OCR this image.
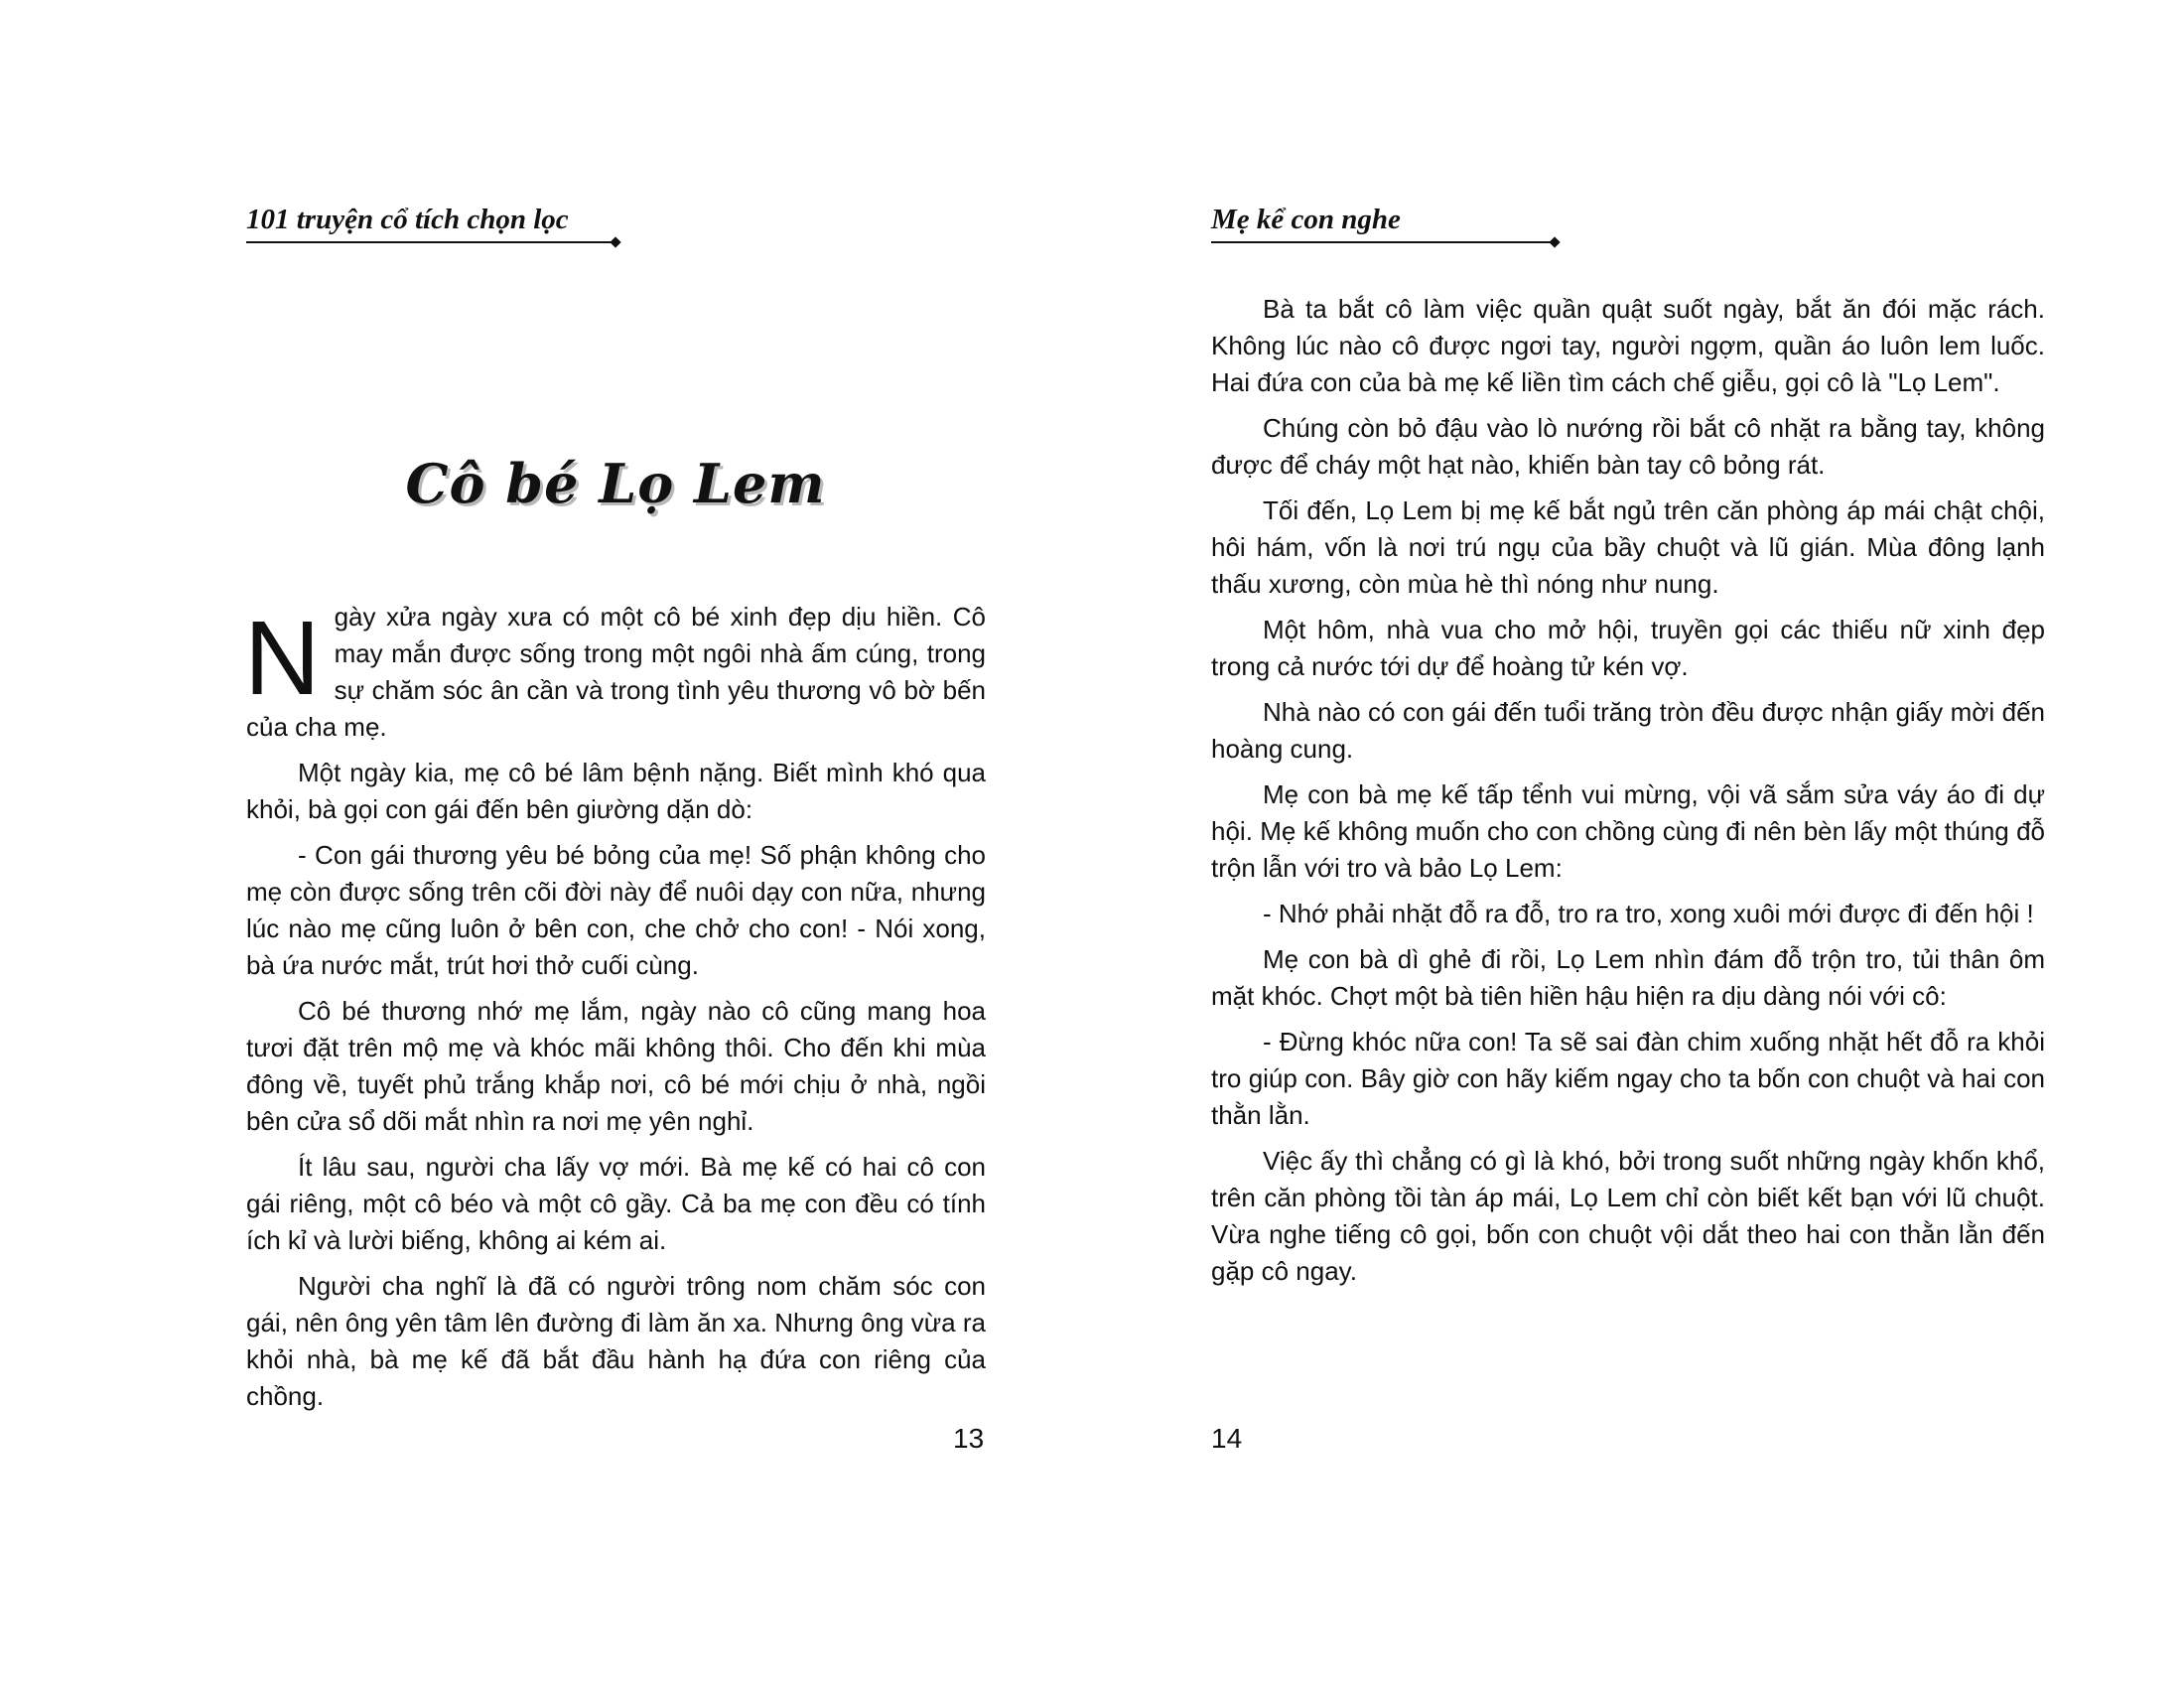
101 truyện cổ tích chọn lọc
Cô bé Lọ Lem

Ngày xửa ngày xưa có một cô bé xinh đẹp dịu hiền. Cô may mắn được sống trong một ngôi nhà ấm cúng, trong sự chăm sóc ân cần và trong tình yêu thương vô bờ bến của cha mẹ.

Một ngày kia, mẹ cô bé lâm bệnh nặng. Biết mình khó qua khỏi, bà gọi con gái đến bên giường dặn dò:

- Con gái thương yêu bé bỏng của mẹ! Số phận không cho mẹ còn được sống trên cõi đời này để nuôi dạy con nữa, nhưng lúc nào mẹ cũng luôn ở bên con, che chở cho con! - Nói xong, bà ứa nước mắt, trút hơi thở cuối cùng.

Cô bé thương nhớ mẹ lắm, ngày nào cô cũng mang hoa tươi đặt trên mộ mẹ và khóc mãi không thôi. Cho đến khi mùa đông về, tuyết phủ trắng khắp nơi, cô bé mới chịu ở nhà, ngồi bên cửa sổ dõi mắt nhìn ra nơi mẹ yên nghỉ.

Ít lâu sau, người cha lấy vợ mới. Bà mẹ kế có hai cô con gái riêng, một cô béo và một cô gầy. Cả ba mẹ con đều có tính ích kỉ và lười biếng, không ai kém ai.

Người cha nghĩ là đã có người trông nom chăm sóc con gái, nên ông yên tâm lên đường đi làm ăn xa. Nhưng ông vừa ra khỏi nhà, bà mẹ kế đã bắt đầu hành hạ đứa con riêng của chồng.

13
Mẹ kể con nghe

Bà ta bắt cô làm việc quần quật suốt ngày, bắt ăn đói mặc rách. Không lúc nào cô được ngơi tay, người ngợm, quần áo luôn lem luốc. Hai đứa con của bà mẹ kế liền tìm cách chế giễu, gọi cô là "Lọ Lem".

Chúng còn bỏ đậu vào lò nướng rồi bắt cô nhặt ra bằng tay, không được để cháy một hạt nào, khiến bàn tay cô bỏng rát.

Tối đến, Lọ Lem bị mẹ kế bắt ngủ trên căn phòng áp mái chật chội, hôi hám, vốn là nơi trú ngụ của bầy chuột và lũ gián. Mùa đông lạnh thấu xương, còn mùa hè thì nóng như nung.

Một hôm, nhà vua cho mở hội, truyền gọi các thiếu nữ xinh đẹp trong cả nước tới dự để hoàng tử kén vợ.

Nhà nào có con gái đến tuổi trăng tròn đều được nhận giấy mời đến hoàng cung.

Mẹ con bà mẹ kế tấp tểnh vui mừng, vội vã sắm sửa váy áo đi dự hội. Mẹ kế không muốn cho con chồng cùng đi nên bèn lấy một thúng đỗ trộn lẫn với tro và bảo Lọ Lem:

- Nhớ phải nhặt đỗ ra đỗ, tro ra tro, xong xuôi mới được đi đến hội !

Mẹ con bà dì ghẻ đi rồi, Lọ Lem nhìn đám đỗ trộn tro, tủi thân ôm mặt khóc. Chợt một bà tiên hiền hậu hiện ra dịu dàng nói với cô:

- Đừng khóc nữa con! Ta sẽ sai đàn chim xuống nhặt hết đỗ ra khỏi tro giúp con. Bây giờ con hãy kiếm ngay cho ta bốn con chuột và hai con thằn lằn.

Việc ấy thì chẳng có gì là khó, bởi trong suốt những ngày khốn khổ, trên căn phòng tồi tàn áp mái, Lọ Lem chỉ còn biết kết bạn với lũ chuột. Vừa nghe tiếng cô gọi, bốn con chuột vội dắt theo hai con thằn lằn đến gặp cô ngay.

14
